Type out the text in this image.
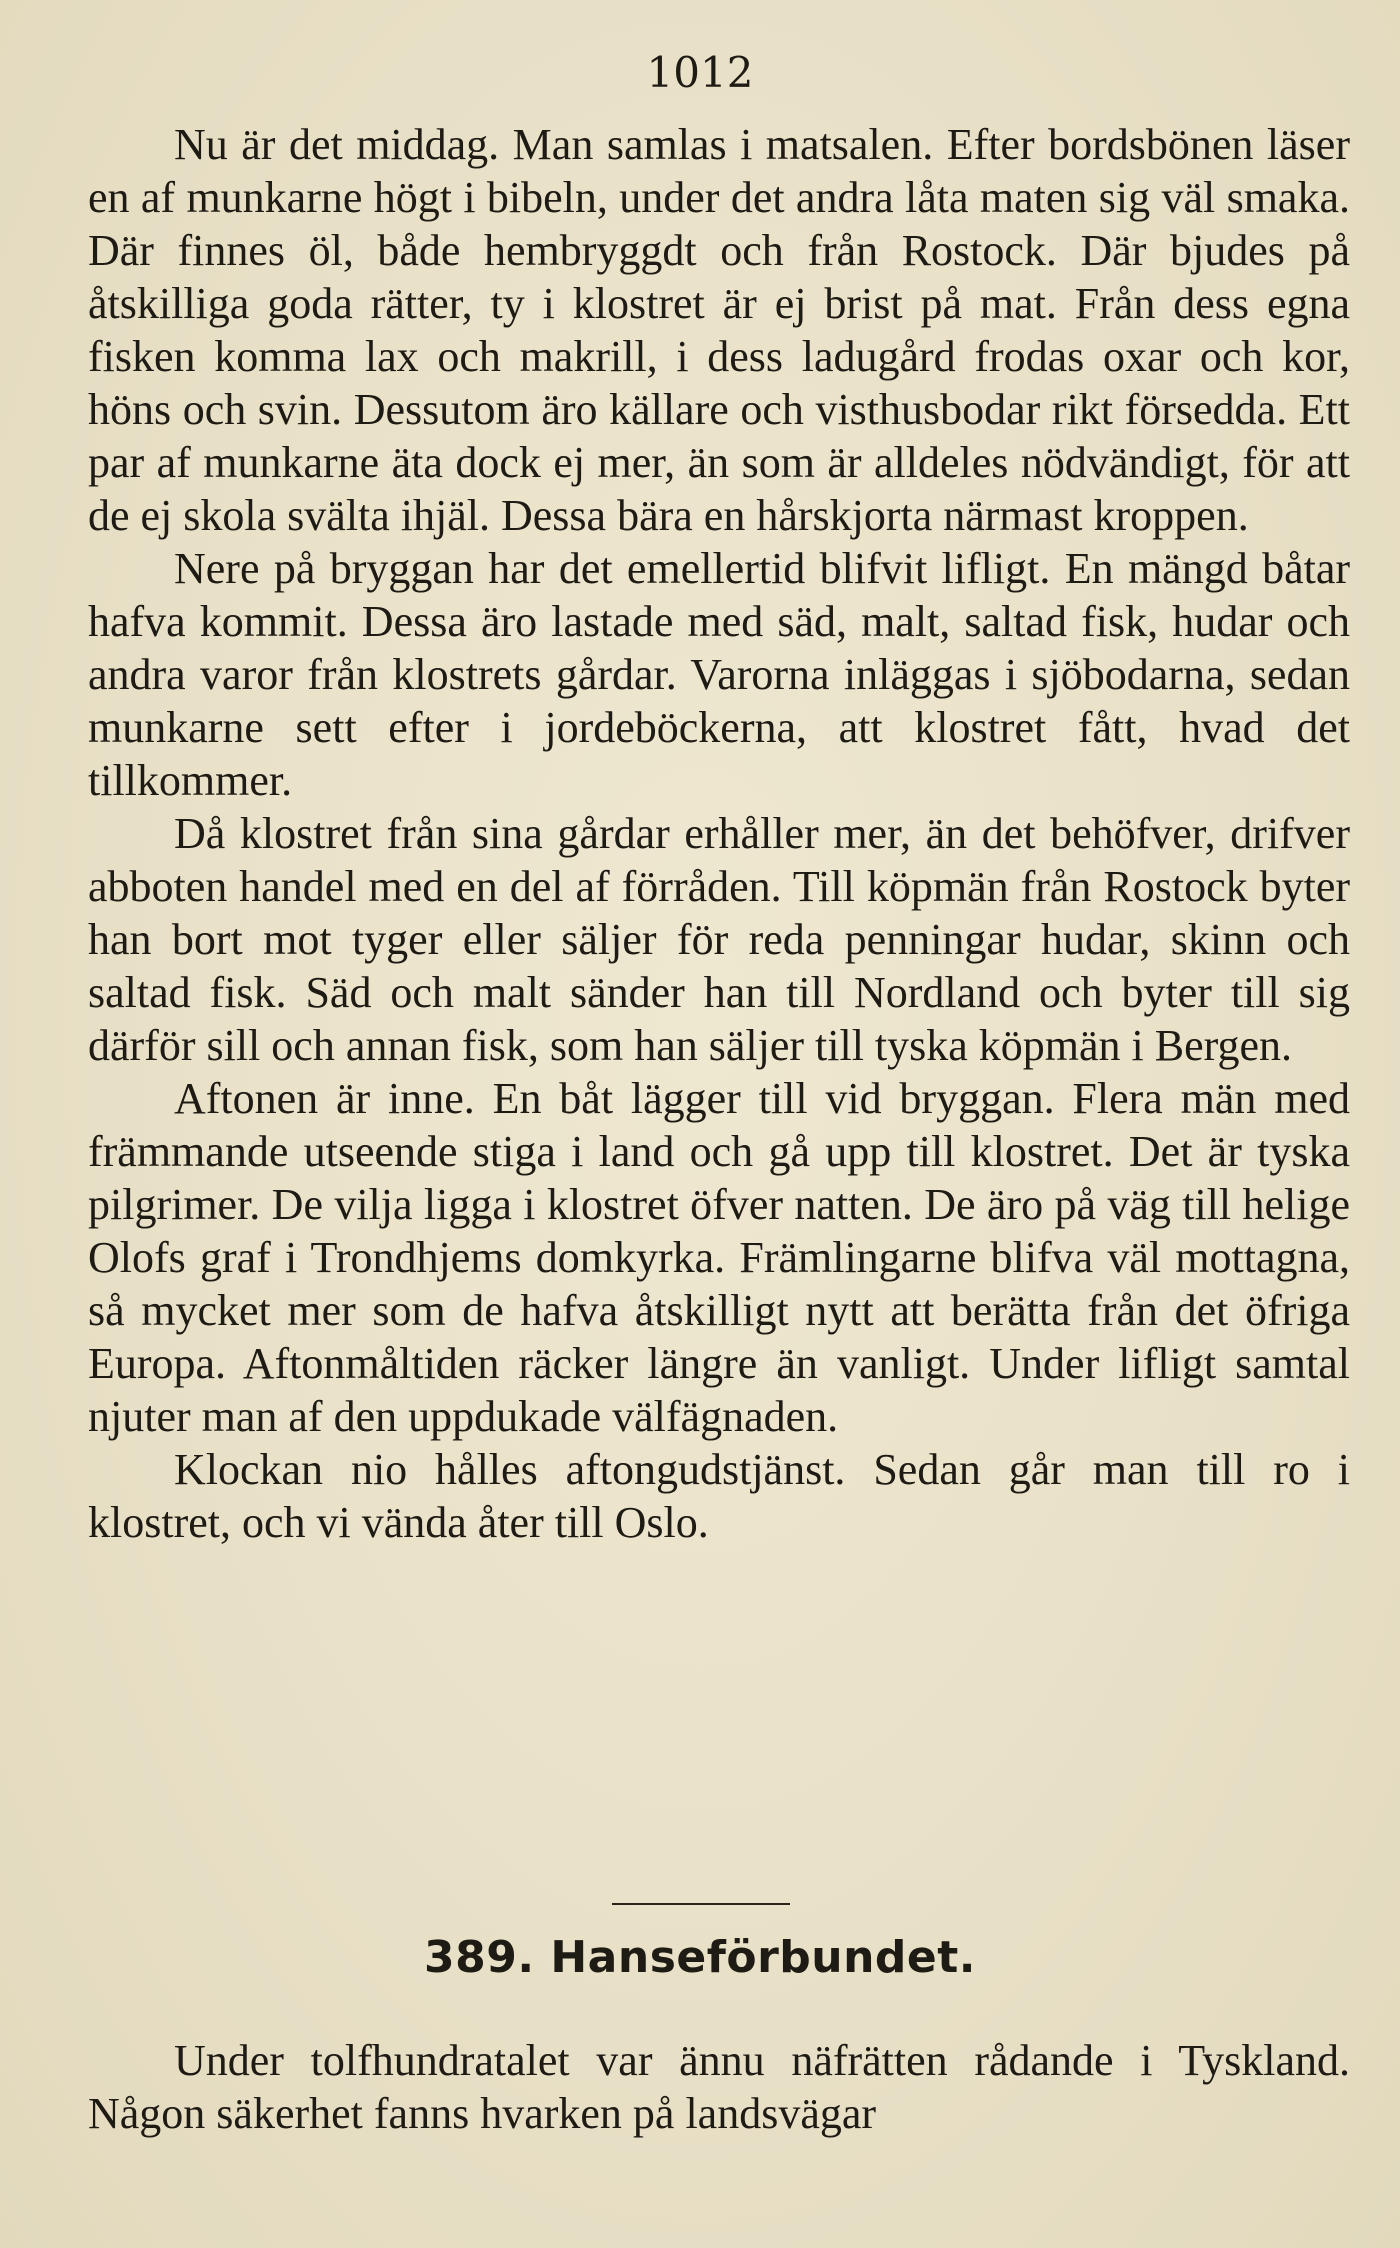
1012

Nu är det middag. Man samlas i matsalen. Efter bordsbönen läser en af munkarne högt i bibeln, under det andra låta maten sig väl smaka. Där finnes öl, både hembryggdt och från Rostock. Där bjudes på åtskilliga goda rätter, ty i klostret är ej brist på mat. Från dess egna fisken komma lax och makrill, i dess ladugård frodas oxar och kor, höns och svin. Dessutom äro källare och visthusbodar rikt försedda. Ett par af munkarne äta dock ej mer, än som är alldeles nödvändigt, för att de ej skola svälta ihjäl. Dessa bära en hårskjorta närmast kroppen.

Nere på bryggan har det emellertid blifvit lifligt. En mängd båtar hafva kommit. Dessa äro lastade med säd, malt, saltad fisk, hudar och andra varor från klostrets gårdar. Varorna inläggas i sjöbodarna, sedan munkarne sett efter i jordeböckerna, att klostret fått, hvad det tillkommer.

Då klostret från sina gårdar erhåller mer, än det behöfver, drifver abboten handel med en del af förråden. Till köpmän från Rostock byter han bort mot tyger eller säljer för reda penningar hudar, skinn och saltad fisk. Säd och malt sänder han till Nordland och byter till sig därför sill och annan fisk, som han säljer till tyska köpmän i Bergen.

Aftonen är inne. En båt lägger till vid bryggan. Flera män med främmande utseende stiga i land och gå upp till klostret. Det är tyska pilgrimer. De vilja ligga i klostret öfver natten. De äro på väg till helige Olofs graf i Trondhjems domkyrka. Främlingarne blifva väl mottagna, så mycket mer som de hafva åtskilligt nytt att berätta från det öfriga Europa. Aftonmåltiden räcker längre än vanligt. Under lifligt samtal njuter man af den uppdukade välfägnaden.

Klockan nio hålles aftongudstjänst. Sedan går man till ro i klostret, och vi vända åter till Oslo.

389. Hanseförbundet.

Under tolfhundratalet var ännu näfrätten rådande i Tyskland. Någon säkerhet fanns hvarken på landsvägar
